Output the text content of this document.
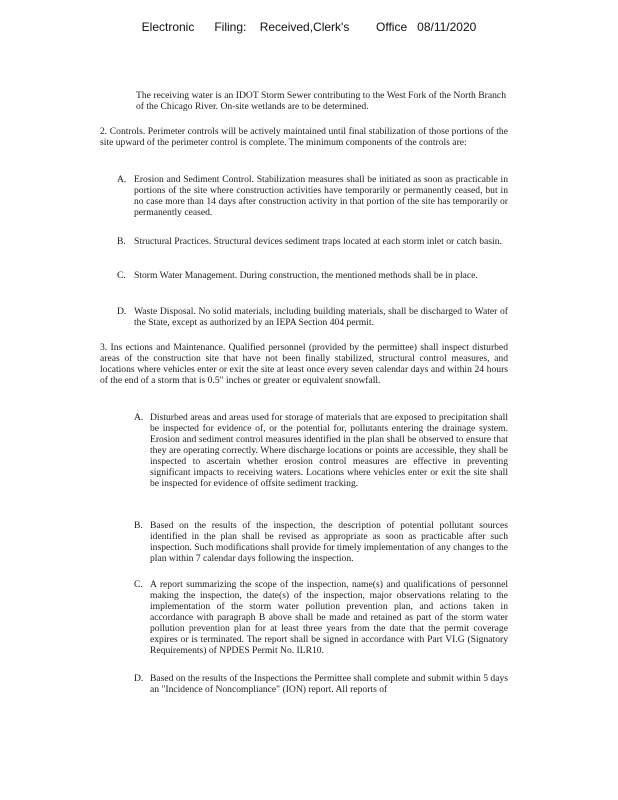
Electronic      Filing:    Received,Clerk's        Office   08/11/2020

The receiving water is an IDOT Storm Sewer contributing to the West Fork of the North Branch of the Chicago River. On-site wetlands are to be determined.

2. Controls. Perimeter controls will be actively maintained until final stabilization of those portions of the site upward of the perimeter control is complete. The minimum components of the controls are:

A. Erosion and Sediment Control. Stabilization measures shall be initiated as soon as practicable in portions of the site where construction activities have temporarily or permanently ceased, but in no case more than 14 days after construction activity in that portion of the site has temporarily or permanently ceased.
B. Structural Practices. Structural devices sediment traps located at each storm inlet or catch basin.
C. Storm Water Management. During construction, the mentioned methods shall be in place.
D. Waste Disposal. No solid materials, including building materials, shall be discharged to Water of the State, except as authorized by an IEPA Section 404 permit.

3. Ins ections and Maintenance. Qualified personnel (provided by the permittee) shall inspect disturbed areas of the construction site that have not been finally stabilized, structural control measures, and locations where vehicles enter or exit the site at least once every seven calendar days and within 24 hours of the end of a storm that is 0.5" inches or greater or equivalent snowfall.

A. Disturbed areas and areas used for storage of materials that are exposed to precipitation shall be inspected for evidence of, or the potential for, pollutants entering the drainage system. Erosion and sediment control measures identified in the plan shall be observed to ensure that they are operating correctly. Where discharge locations or points are accessible, they shall be inspected to ascertain whether erosion control measures are effective in preventing significant impacts to receiving waters. Locations where vehicles enter or exit the site shall be inspected for evidence of offsite sediment tracking.
B. Based on the results of the inspection, the description of potential pollutant sources identified in the plan shall be revised as appropriate as soon as practicable after such inspection. Such modifications shall provide for timely implementation of any changes to the plan within 7 calendar days following the inspection.
C. A report summarizing the scope of the inspection, name(s) and qualifications of personnel making the inspection, the date(s) of the inspection, major observations relating to the implementation of the storm water pollution prevention plan, and actions taken in accordance with paragraph B above shall be made and retained as part of the storm water pollution prevention plan for at least three years from the date that the permit coverage expires or is terminated. The report shall be signed in accordance with Part VI.G (Signatory Requirements) of NPDES Permit No. ILR10.
D. Based on the results of the Inspections the Permittee shall complete and submit within 5 days an "Incidence of Noncompliance" (ION) report. All reports of
